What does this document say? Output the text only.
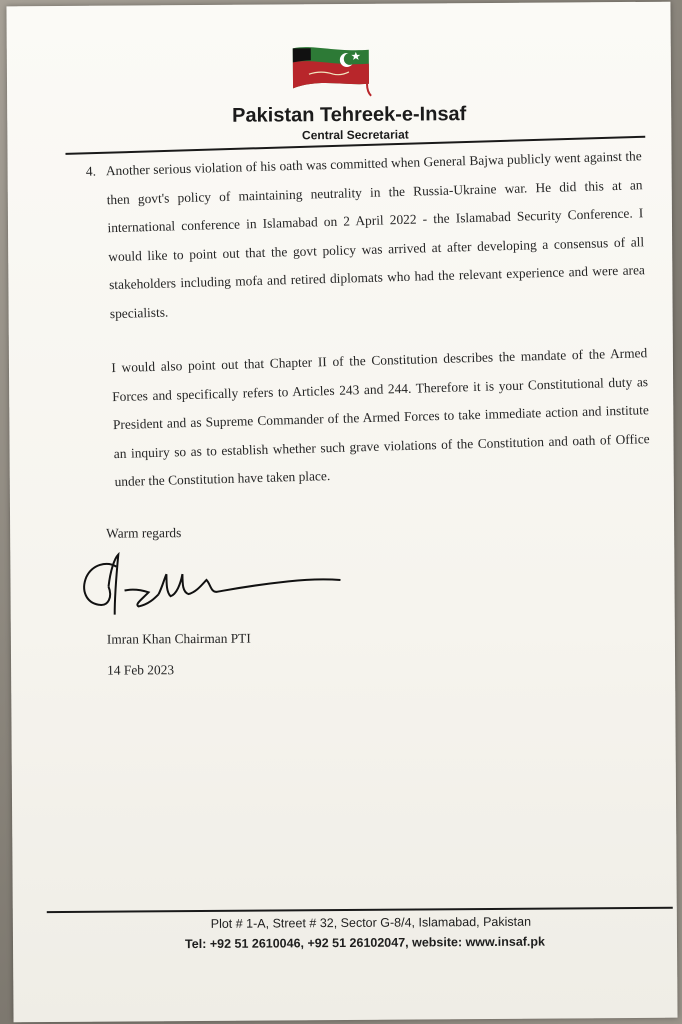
Pakistan Tehreek-e-Insaf
Central Secretariat
4. Another serious violation of his oath was committed when General Bajwa publicly went against the then govt's policy of maintaining neutrality in the Russia-Ukraine war. He did this at an international conference in Islamabad on 2 April 2022 - the Islamabad Security Conference. I would like to point out that the govt policy was arrived at after developing a consensus of all stakeholders including mofa and retired diplomats who had the relevant experience and were area specialists.
I would also point out that Chapter II of the Constitution describes the mandate of the Armed Forces and specifically refers to Articles 243 and 244. Therefore it is your Constitutional duty as President and as Supreme Commander of the Armed Forces to take immediate action and institute an inquiry so as to establish whether such grave violations of the Constitution and oath of Office under the Constitution have taken place.
Warm regards
Imran Khan Chairman PTI
14 Feb 2023
Plot # 1-A, Street # 32, Sector G-8/4, Islamabad, Pakistan
Tel: +92 51 2610046, +92 51 26102047, website: www.insaf.pk
